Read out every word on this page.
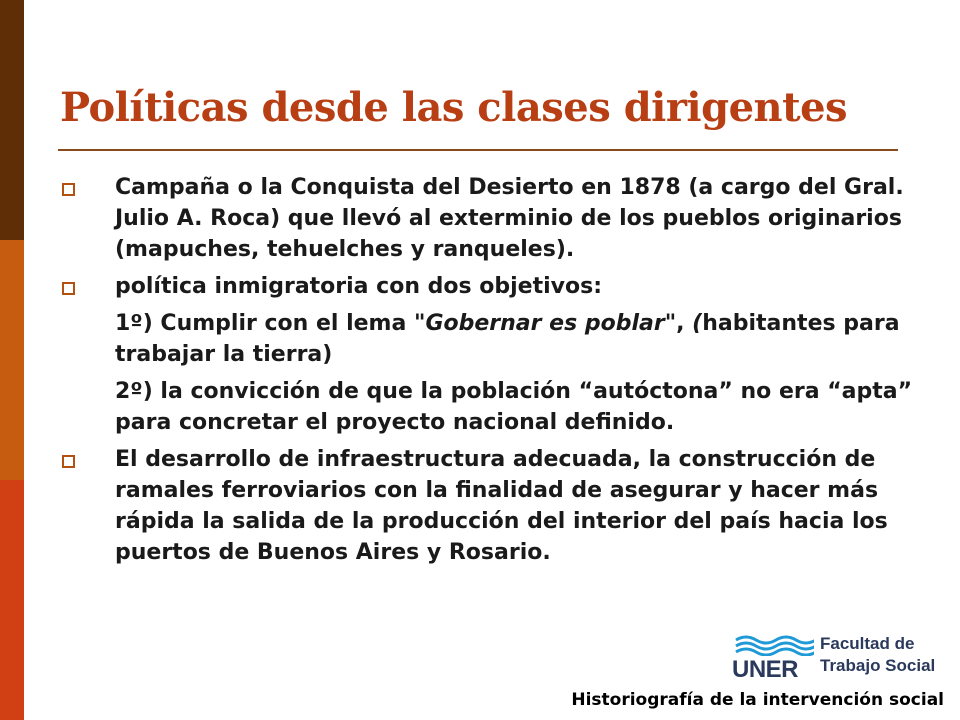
Políticas desde las clases dirigentes
Campaña o la Conquista del Desierto en 1878 (a cargo del Gral. Julio A. Roca) que llevó al exterminio de los pueblos originarios (mapuches, tehuelches y ranqueles).
política inmigratoria con dos objetivos:
1º) Cumplir con el lema "Gobernar es poblar", (habitantes para trabajar la tierra)
2º) la convicción de que la población “autóctona” no era “apta” para concretar el proyecto nacional definido.
El desarrollo de infraestructura adecuada, la construcción de ramales ferroviarios con la finalidad de asegurar y hacer más rápida la salida de la producción del interior del país hacia los puertos de Buenos Aires y Rosario.
UNER
Facultad de
Trabajo Social
Historiografía de la intervención social
